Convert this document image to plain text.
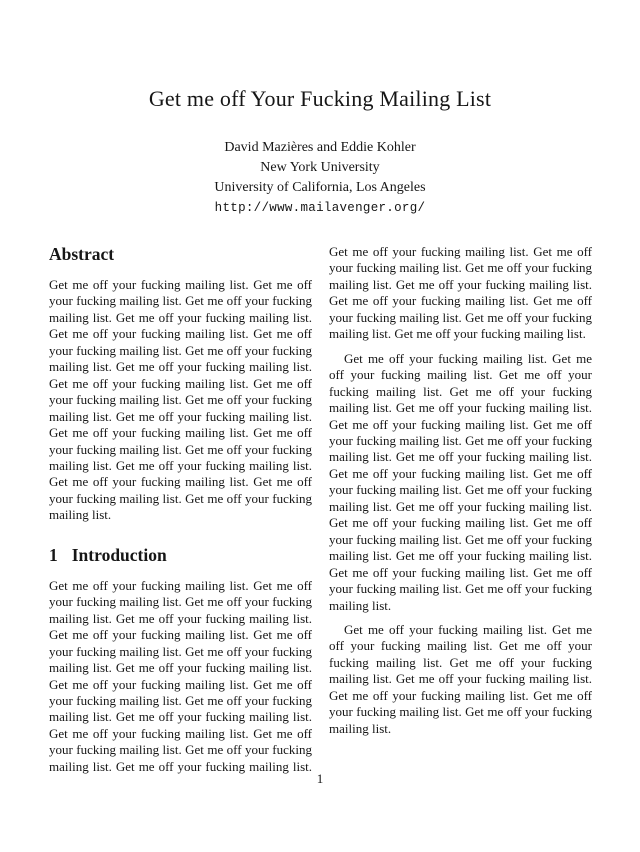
Get me off Your Fucking Mailing List
David Mazières and Eddie Kohler
New York University
University of California, Los Angeles
http://www.mailavenger.org/
Abstract

Get me off your fucking mailing list. Get me off your fucking mailing list. Get me off your fucking mailing list. Get me off your fucking mailing list. Get me off your fucking mailing list. Get me off your fucking mailing list. Get me off your fucking mailing list. Get me off your fucking mailing list. Get me off your fucking mailing list. Get me off your fucking mailing list. Get me off your fucking mailing list. Get me off your fucking mailing list. Get me off your fucking mailing list. Get me off your fucking mailing list. Get me off your fucking mailing list. Get me off your fucking mailing list. Get me off your fucking mailing list. Get me off your fucking mailing list. Get me off your fucking mailing list.

1 Introduction

Get me off your fucking mailing list. Get me off your fucking mailing list. Get me off your fucking mailing list. Get me off your fucking mailing list. Get me off your fucking mailing list. Get me off your fucking mailing list. Get me off your fucking mailing list. Get me off your fucking mailing list. Get me off your fucking mailing list. Get me off your fucking mailing list. Get me off your fucking mailing list. Get me off your fucking mailing list. Get me off your fucking mailing list. Get me off your fucking mailing list. Get me off your fucking mailing list. Get me off your fucking mailing list. Get me off your fucking mailing list. Get me off your fucking mailing list. Get me off your fucking mailing list. Get me off your fucking mailing list. Get me off your fucking mailing list. Get me off your fucking mailing list. Get me off your fucking mailing list. Get me off your fucking mailing list.

Get me off your fucking mailing list. Get me off your fucking mailing list. Get me off your fucking mailing list. Get me off your fucking mailing list. Get me off your fucking mailing list. Get me off your fucking mailing list. Get me off your fucking mailing list. Get me off your fucking mailing list. Get me off your fucking mailing list. Get me off your fucking mailing list. Get me off your fucking mailing list. Get me off your fucking mailing list. Get me off your fucking mailing list. Get me off your fucking mailing list. Get me off your fucking mailing list. Get me off your fucking mailing list. Get me off your fucking mailing list. Get me off your fucking mailing list. Get me off your fucking mailing list. Get me off your fucking mailing list.

Get me off your fucking mailing list. Get me off your fucking mailing list. Get me off your fucking mailing list. Get me off your fucking mailing list. Get me off your fucking mailing list. Get me off your fucking mailing list. Get me off your fucking mailing list. Get me off your fucking mailing list.

1
